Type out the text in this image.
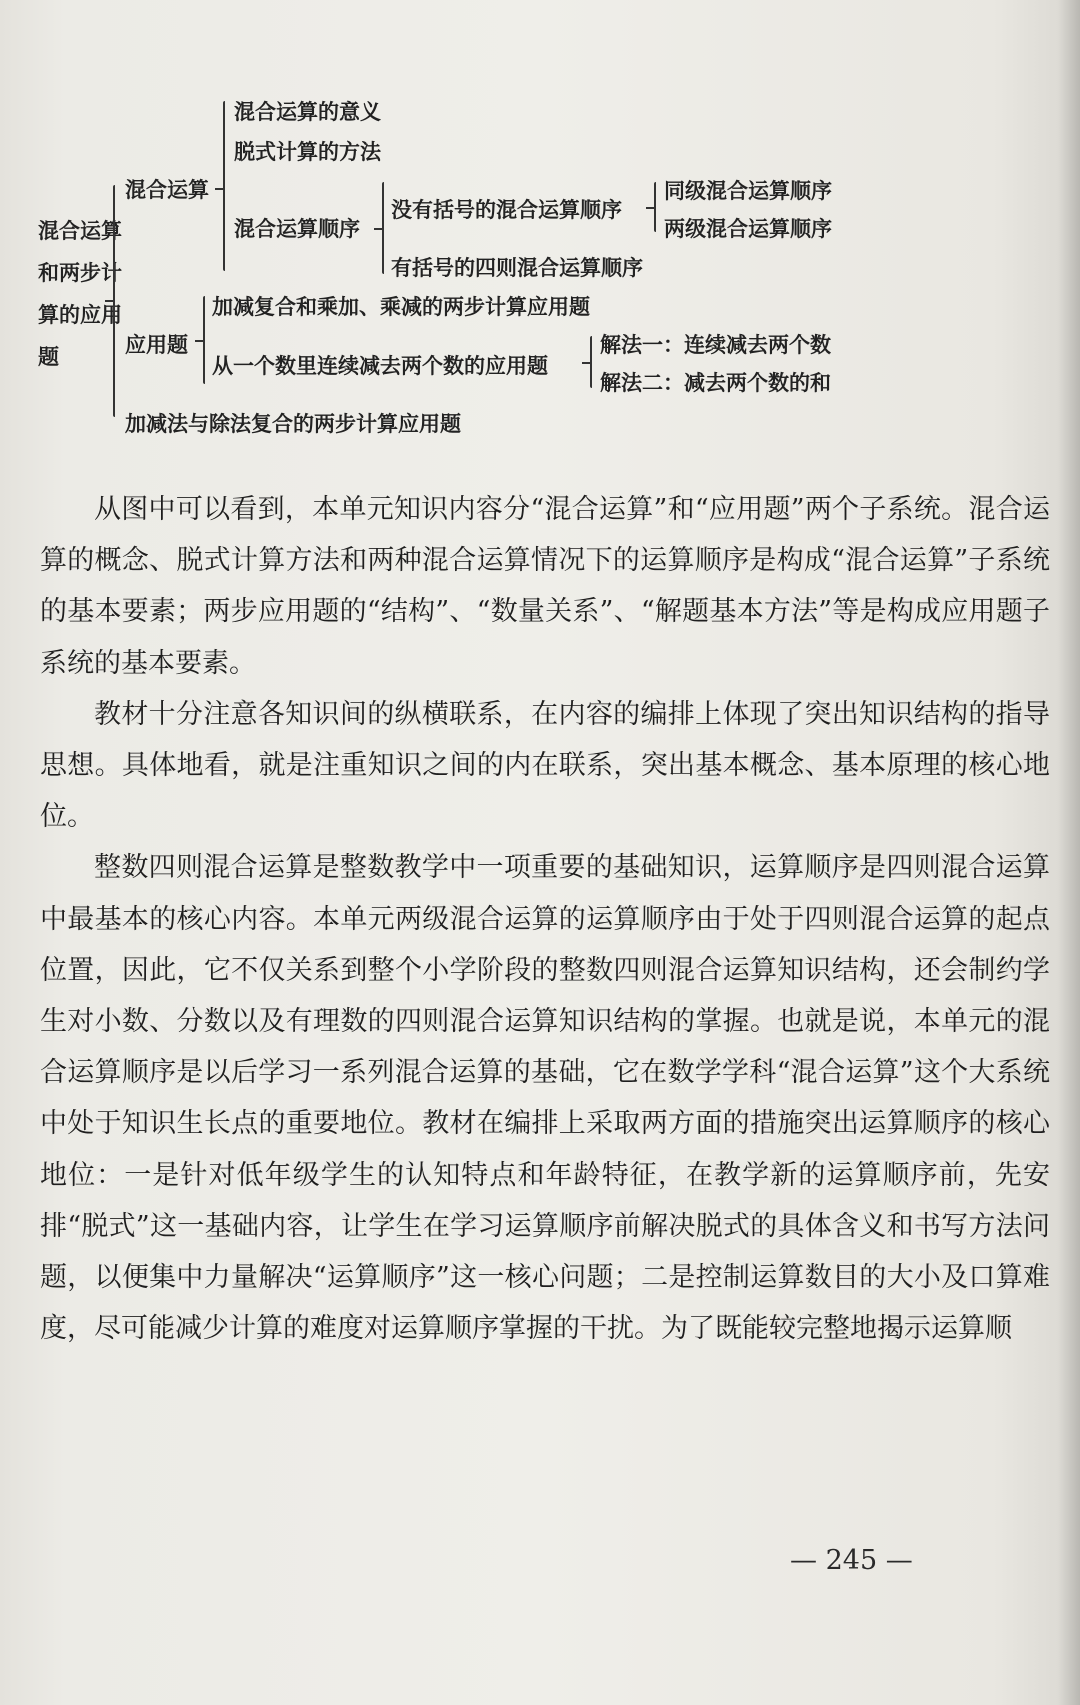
混合运算和两步计算的应用题
混合运算
应用题
加减法与除法复合的两步计算应用题
混合运算的意义
脱式计算的方法
混合运算顺序
没有括号的混合运算顺序
有括号的四则混合运算顺序
同级混合运算顺序
两级混合运算顺序
加减复合和乘加、乘减的两步计算应用题
从一个数里连续减去两个数的应用题
解法一：连续减去两个数
解法二：减去两个数的和

从图中可以看到，本单元知识内容分“混合运算”和“应用题”两个子系统。混合运算的概念、脱式计算方法和两种混合运算情况下的运算顺序是构成“混合运算”子系统的基本要素；两步应用题的“结构”、“数量关系”、“解题基本方法”等是构成应用题子系统的基本要素。

教材十分注意各知识间的纵横联系，在内容的编排上体现了突出知识结构的指导思想。具体地看，就是注重知识之间的内在联系，突出基本概念、基本原理的核心地位。

整数四则混合运算是整数教学中一项重要的基础知识，运算顺序是四则混合运算中最基本的核心内容。本单元两级混合运算的运算顺序由于处于四则混合运算的起点位置，因此，它不仅关系到整个小学阶段的整数四则混合运算知识结构，还会制约学生对小数、分数以及有理数的四则混合运算知识结构的掌握。也就是说，本单元的混合运算顺序是以后学习一系列混合运算的基础，它在数学学科“混合运算”这个大系统中处于知识生长点的重要地位。教材在编排上采取两方面的措施突出运算顺序的核心地位：一是针对低年级学生的认知特点和年龄特征，在教学新的运算顺序前，先安排“脱式”这一基础内容，让学生在学习运算顺序前解决脱式的具体含义和书写方法问题，以便集中力量解决“运算顺序”这一核心问题；二是控制运算数目的大小及口算难度，尽可能减少计算的难度对运算顺序掌握的干扰。为了既能较完整地揭示运算顺

— 245 —
